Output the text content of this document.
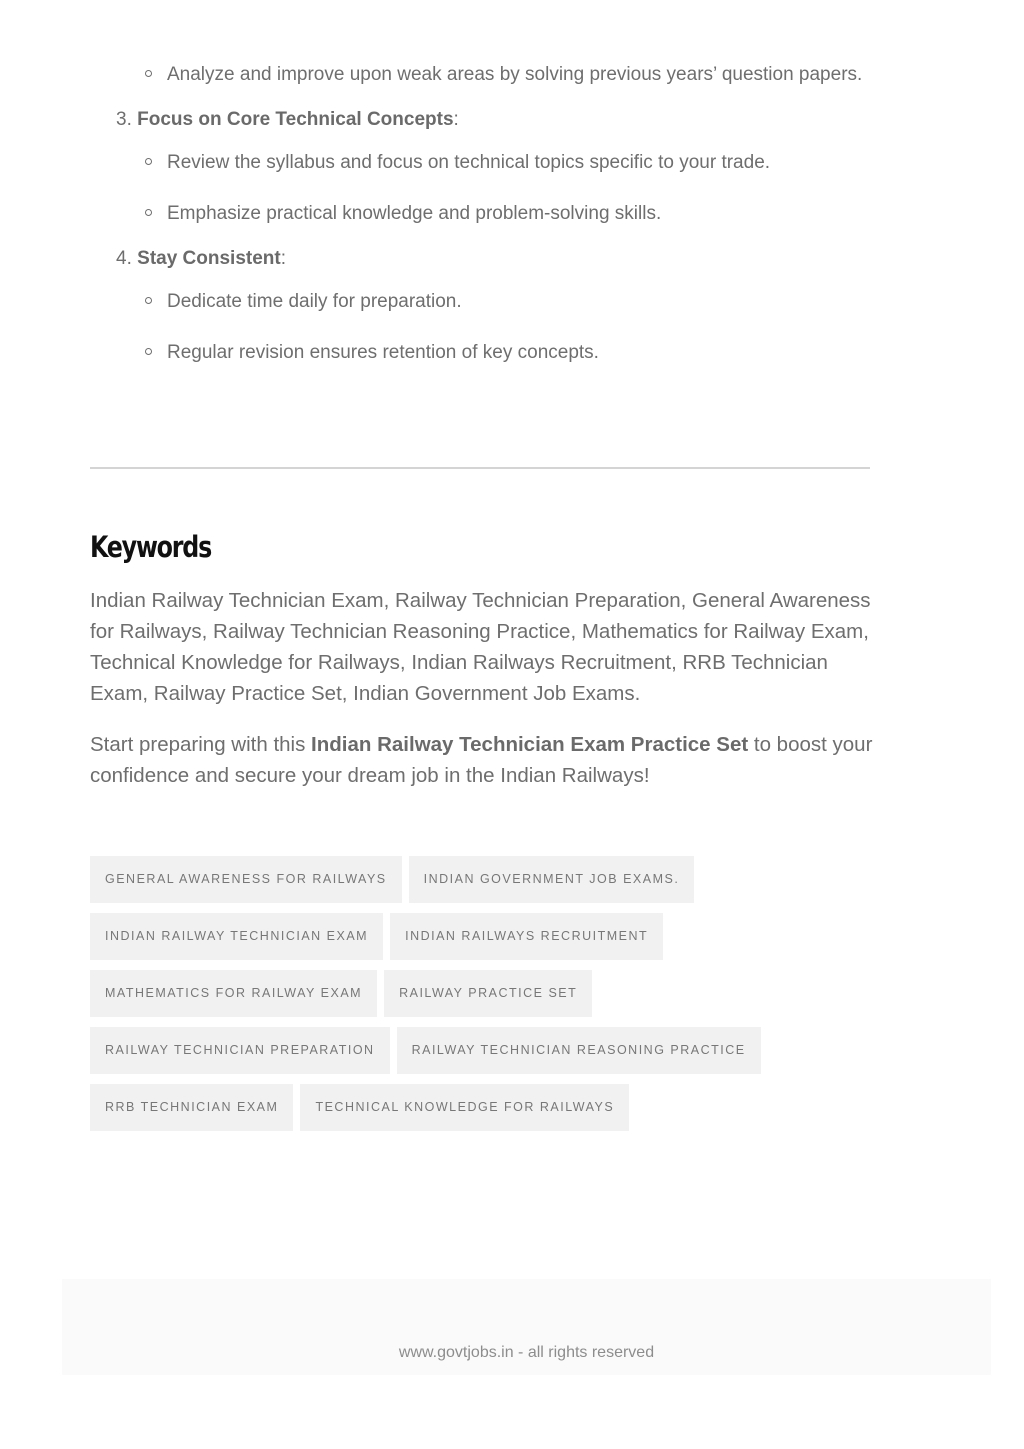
Analyze and improve upon weak areas by solving previous years’ question papers.
3. Focus on Core Technical Concepts:
Review the syllabus and focus on technical topics specific to your trade.
Emphasize practical knowledge and problem-solving skills.
4. Stay Consistent:
Dedicate time daily for preparation.
Regular revision ensures retention of key concepts.
Keywords

Indian Railway Technician Exam, Railway Technician Preparation, General Awareness for Railways, Railway Technician Reasoning Practice, Mathematics for Railway Exam, Technical Knowledge for Railways, Indian Railways Recruitment, RRB Technician Exam, Railway Practice Set, Indian Government Job Exams.

Start preparing with this Indian Railway Technician Exam Practice Set to boost your confidence and secure your dream job in the Indian Railways!

GENERAL AWARENESS FOR RAILWAYS	INDIAN GOVERNMENT JOB EXAMS.
INDIAN RAILWAY TECHNICIAN EXAM	INDIAN RAILWAYS RECRUITMENT
MATHEMATICS FOR RAILWAY EXAM	RAILWAY PRACTICE SET
RAILWAY TECHNICIAN PREPARATION	RAILWAY TECHNICIAN REASONING PRACTICE
RRB TECHNICIAN EXAM	TECHNICAL KNOWLEDGE FOR RAILWAYS
www.govtjobs.in - all rights reserved
